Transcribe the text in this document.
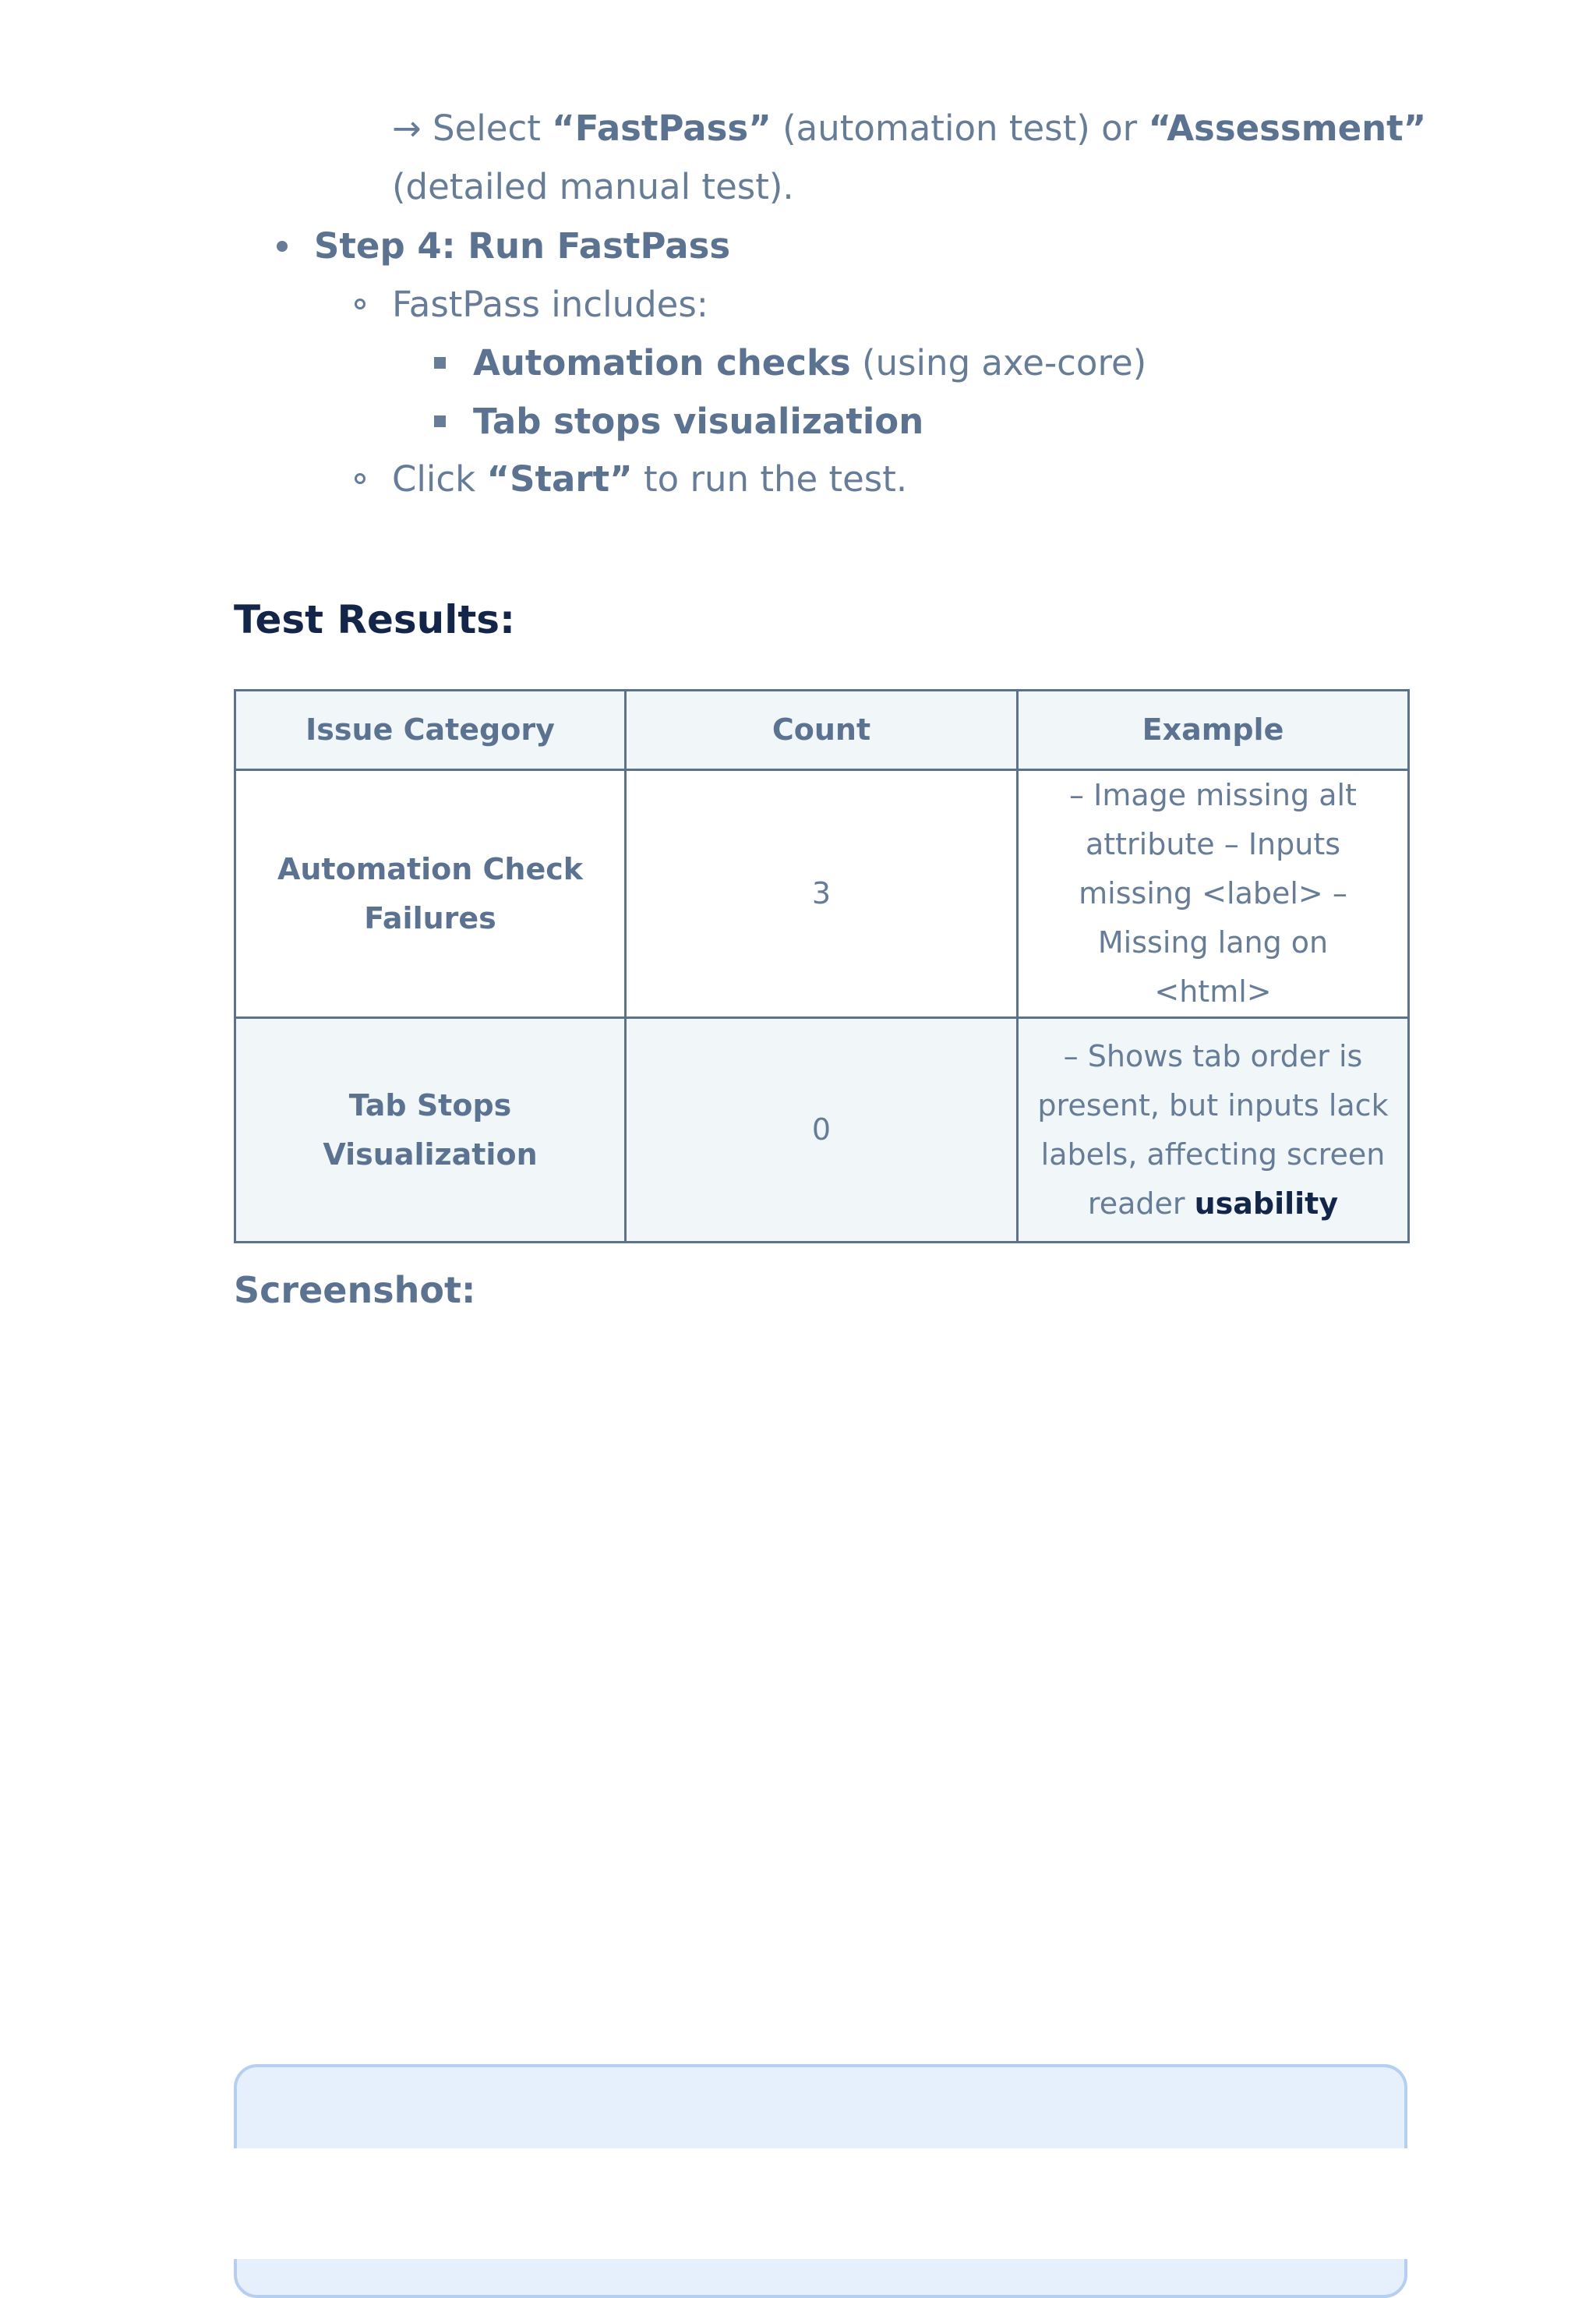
→ Select “FastPass” (automation test) or “Assessment”
(detailed manual test).
Step 4: Run FastPass
FastPass includes:
Automation checks (using axe-core)
Tab stops visualization
Click “Start” to run the test.
Test Results:
Issue Category	Count	Example
Automation Check Failures	3	– Image missing alt attribute – Inputs missing <label> – Missing lang on <html>
Tab Stops Visualization	0	– Shows tab order is present, but inputs lack labels, affecting screen reader usability
Screenshot:
